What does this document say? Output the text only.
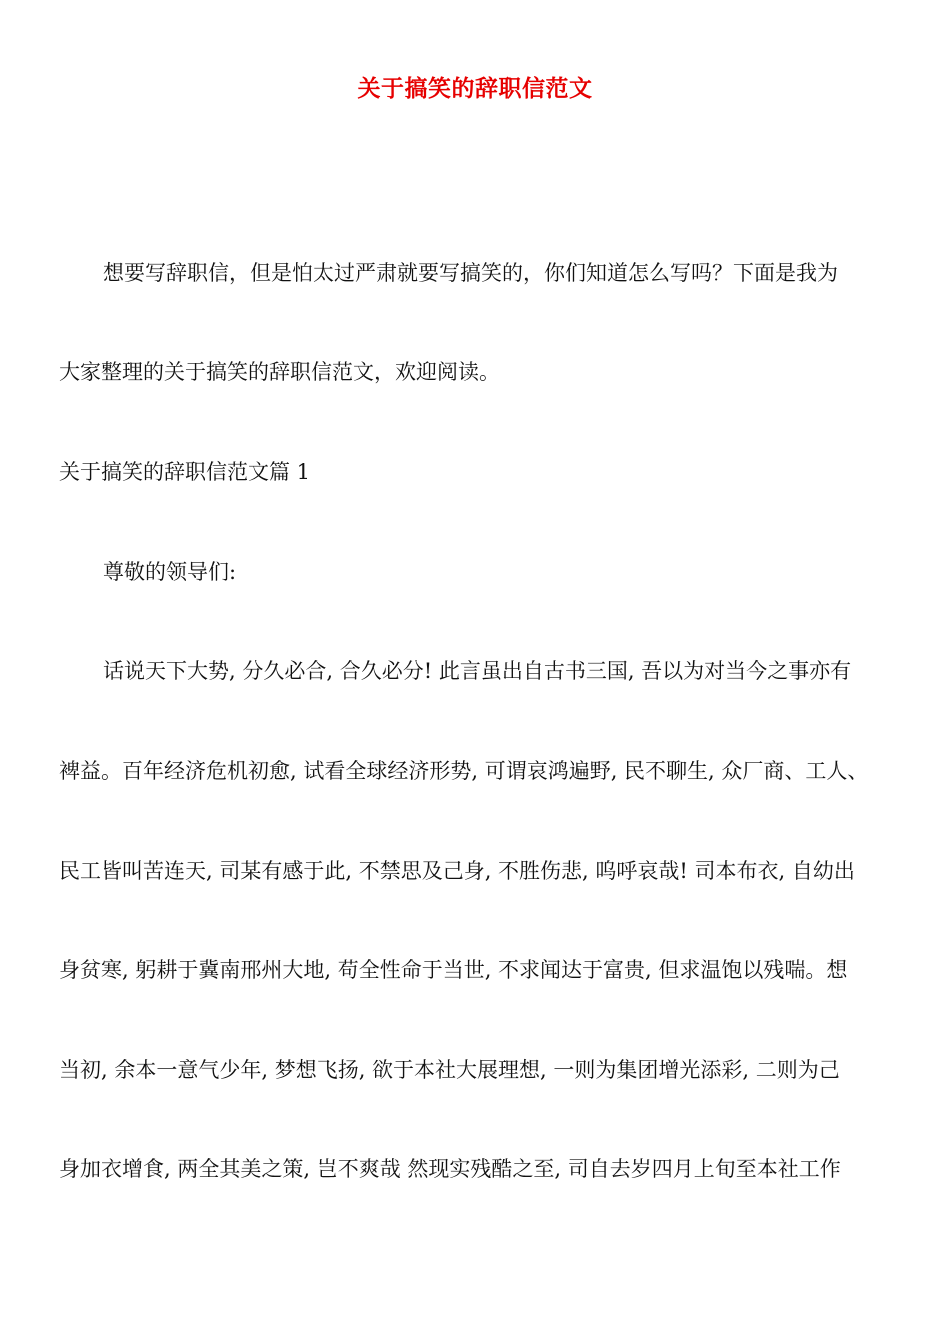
关于搞笑的辞职信范文
想要写辞职信，但是怕太过严肃就要写搞笑的，你们知道怎么写吗？下面是我为
大家整理的关于搞笑的辞职信范文，欢迎阅读。
关于搞笑的辞职信范文篇 1
尊敬的领导们:
话说天下大势, 分久必合, 合久必分! 此言虽出自古书三国, 吾以为对当今之事亦有
裨益。百年经济危机初愈, 试看全球经济形势, 可谓哀鸿遍野, 民不聊生, 众厂商、工人、
民工皆叫苦连天, 司某有感于此, 不禁思及己身, 不胜伤悲, 呜呼哀哉! 司本布衣, 自幼出
身贫寒, 躬耕于冀南邢州大地, 苟全性命于当世, 不求闻达于富贵, 但求温饱以残喘。想
当初, 余本一意气少年, 梦想飞扬, 欲于本社大展理想, 一则为集团增光添彩, 二则为己
身加衣增食, 两全其美之策, 岂不爽哉 然现实残酷之至, 司自去岁四月上旬至本社工作
